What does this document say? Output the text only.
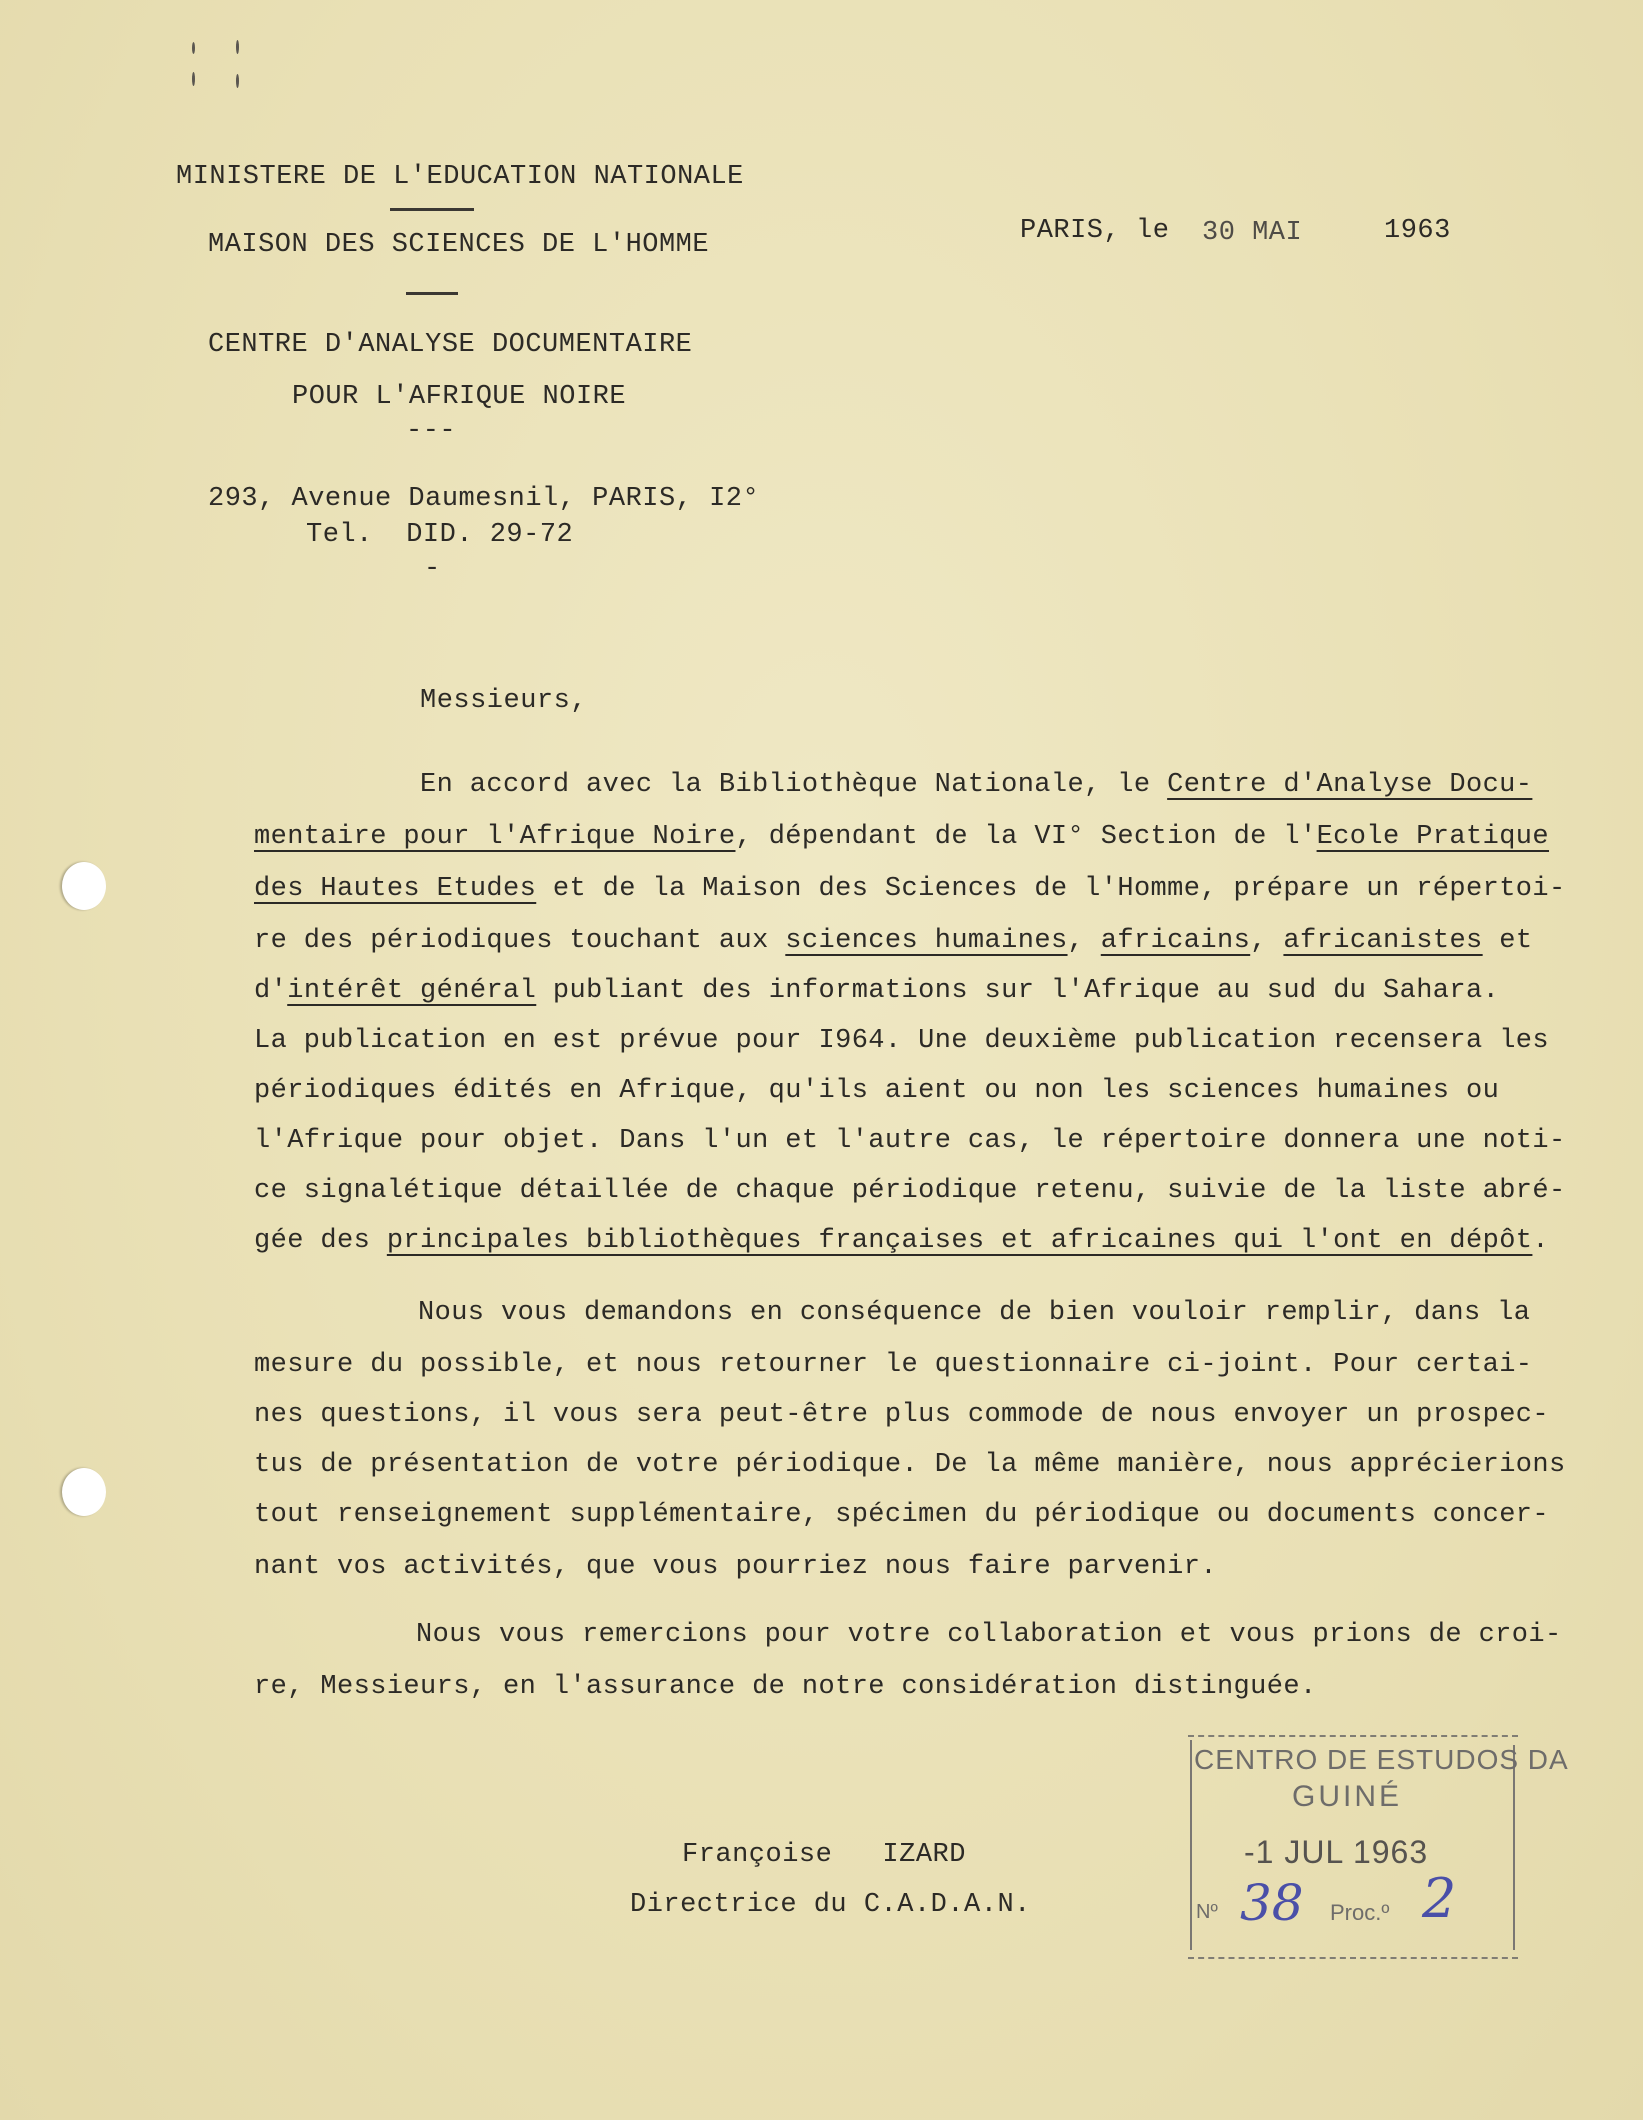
MINISTERE DE L'EDUCATION NATIONALE
MAISON DES SCIENCES DE L'HOMME
CENTRE D'ANALYSE DOCUMENTAIRE
POUR L'AFRIQUE NOIRE
---
293, Avenue Daumesnil, PARIS, I2°
Tel.  DID. 29-72
-
PARIS, le 30 MAI	1963
Messieurs,
En accord avec la Bibliothèque Nationale, le Centre d'Analyse Docu-
mentaire pour l'Afrique Noire, dépendant de la VI° Section de l'Ecole Pratique
des Hautes Etudes et de la Maison des Sciences de l'Homme, prépare un répertoi-
re des périodiques touchant aux sciences humaines, africains, africanistes et
d'intérêt général publiant des informations sur l'Afrique au sud du Sahara.
La publication en est prévue pour I964. Une deuxième publication recensera les
périodiques édités en Afrique, qu'ils aient ou non les sciences humaines ou
l'Afrique pour objet. Dans l'un et l'autre cas, le répertoire donnera une noti-
ce signalétique détaillée de chaque périodique retenu, suivie de la liste abré-
gée des principales bibliothèques françaises et africaines qui l'ont en dépôt.
Nous vous demandons en conséquence de bien vouloir remplir, dans la
mesure du possible, et nous retourner le questionnaire ci-joint. Pour certai-
nes questions, il vous sera peut-être plus commode de nous envoyer un prospec-
tus de présentation de votre périodique. De la même manière, nous apprécierions
tout renseignement supplémentaire, spécimen du périodique ou documents concer-
nant vos activités, que vous pourriez nous faire parvenir.
Nous vous remercions pour votre collaboration et vous prions de croi-
re, Messieurs, en l'assurance de notre considération distinguée.
Françoise   IZARD
Directrice du C.A.D.A.N.
CENTRO DE ESTUDOS DA
GUINÉ
-1 JUL 1963
Nº 38 Proc.º 2
